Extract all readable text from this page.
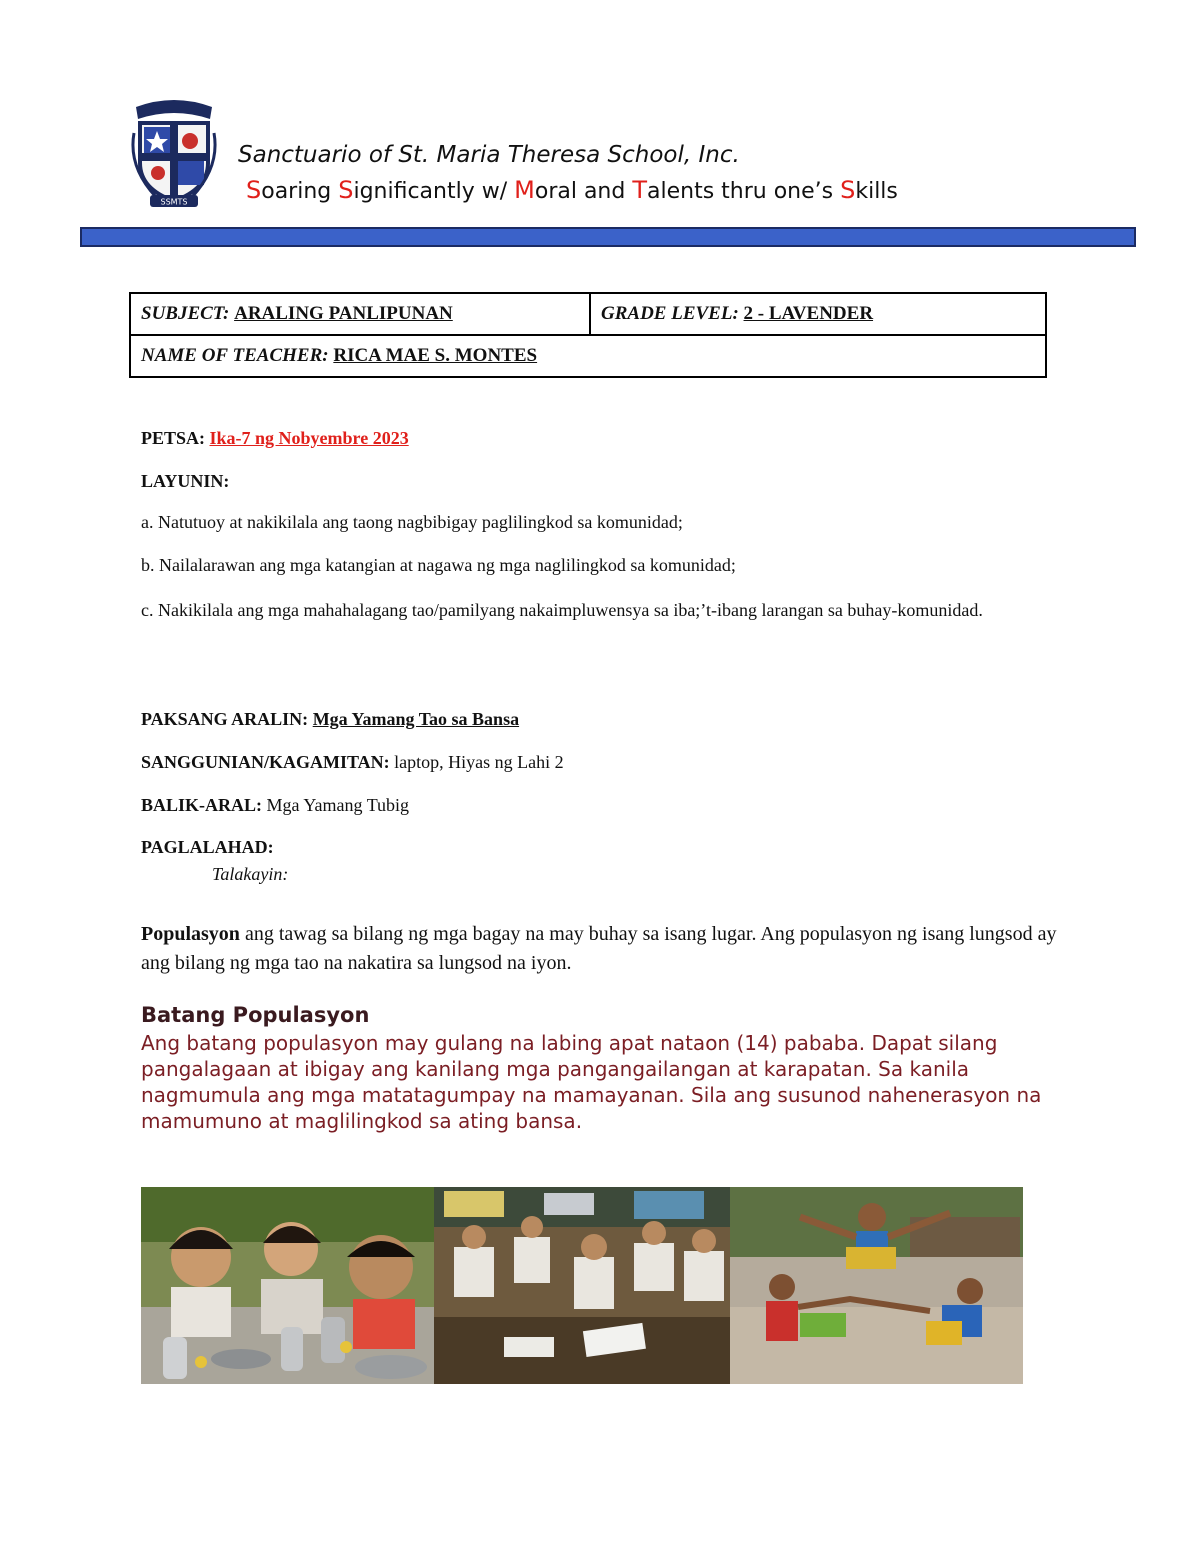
SSMTS
Sanctuario of St. Maria Theresa School, Inc.
Soaring Significantly w/ Moral and Talents thru one’s Skills
SUBJECT: ARALING PANLIPUNAN	GRADE LEVEL: 2 - LAVENDER
NAME OF TEACHER: RICA MAE S. MONTES
PETSA: Ika-7 ng Nobyembre 2023
LAYUNIN:
a. Natutuoy at nakikilala ang taong nagbibigay paglilingkod sa komunidad;
b. Nailalarawan ang mga katangian at nagawa ng mga naglilingkod sa komunidad;
c. Nakikilala ang mga mahahalagang tao/pamilyang nakaimpluwensya sa iba;’t-ibang larangan sa buhay-komunidad.
PAKSANG ARALIN: Mga Yamang Tao sa Bansa
SANGGUNIAN/KAGAMITAN: laptop, Hiyas ng Lahi 2
BALIK-ARAL: Mga Yamang Tubig
PAGLALAHAD:
Talakayin:
Populasyon ang tawag sa bilang ng mga bagay na may buhay sa isang lugar. Ang populasyon ng isang lungsod ay ang bilang ng mga tao na nakatira sa lungsod na iyon.
Batang Populasyon
Ang batang populasyon may gulang na labing apat nataon (14) pababa. Dapat silang pangalagaan at ibigay ang kanilang mga pangangailangan at karapatan. Sa kanila nagmumula ang mga matatagumpay na mamayanan. Sila ang susunod nahenerasyon na mamumuno at maglilingkod sa ating bansa.
